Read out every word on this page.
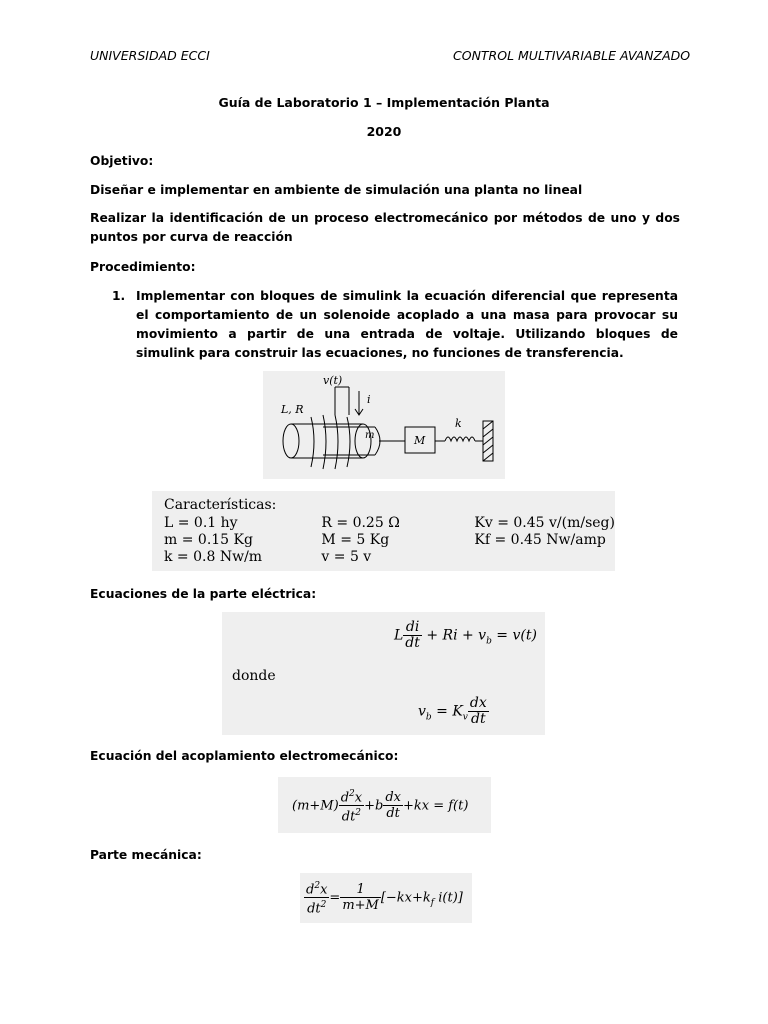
UNIVERSIDAD ECCI	CONTROL MULTIVARIABLE AVANZADO
Guía de Laboratorio 1 – Implementación Planta
2020
Objetivo:
Diseñar e implementar en ambiente de simulación una planta no lineal
Realizar la identificación de un proceso electromecánico por métodos de uno y dos puntos por curva de reacción
Procedimiento:
1. Implementar con bloques de simulink la ecuación diferencial que representa el comportamiento de un solenoide acoplado a una masa para provocar su movimiento a partir de una entrada de voltaje. Utilizando bloques de simulink para construir las ecuaciones, no funciones de transferencia.
v(t)
i
L, R
m	M
k
Características:
L = 0.1 hy	R = 0.25 Ω	Kv = 0.45 v/(m/seg)
m = 0.15 Kg	M = 5 Kg	Kf = 0.45 Nw/amp
k = 0.8 Nw/m	v = 5 v	
Ecuaciones de la parte eléctrica:
L $\frac{di}{dt} + Ri + v_b = v(t)$
donde
$v_b = K_v \frac{dx}{dt}$
Ecuación del acoplamiento electromecánico:
$(m+M) \frac{d^2x}{dt^2} +b \frac{dx}{dt} +kx = f(t)$
Parte mecánica:
$\frac{d^2x}{dt^2} = \frac{1}{m+M} [-kx+k_f$ i(t)]
